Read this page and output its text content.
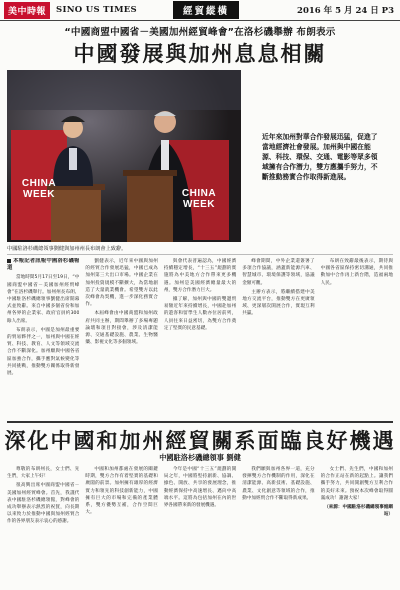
美中時報	SINO US TIMES	經貿縱橫	2016 年 5 月 24 日 P3
“中國商盟中國省－美國加州經貿峰會”在洛杉磯舉辦 布朗表示
中國發展與加州息息相關
CHINA WEEK	CHINA WEEK
中國駐洛杉磯總領事劉健與加州州長布朗會上致辭。
近年來加州對華合作發展迅猛，促進了當地經濟社會發展。加州與中國在能源、科技、環保、交通、電影等眾多領域擁有合作潛力，雙方應攜手努力，不斷推動務實合作取得新進展。
本報記者訊報中國洛杉磯報道

當地時間5月17日至19日，“中國商盟中國省－美國加州經貿峰會”在洛杉磯舉行。加州州長布朗、中國駐洛杉磯總領事劉健出席開幕式並致辭。來自中國多個省份和加州各界的企業家、政府官員約300餘人出席。

布朗表示，中國是加州最重要的貿易夥伴之一，加州與中國在經貿、科技、教育、人文等領域交流合作不斷深化。加州願與中國各省區加強合作，攜手應對氣候變化等共同挑戰，推動雙方關係取得新發展。

劉健表示，近年來中國與加州的經貿合作發展迅猛，中國已成為加州第三大出口市場。中國企業在加州投資規模不斷擴大，為當地創造了大量就業機會。希望雙方以此次峰會為契機，進一步深化務實合作。

本屆峰會由中國商盟和加州政府共同主辦，期間舉辦了多場專題論壇和項目對接會，涉及清潔能源、交通基礎設施、農業、生物醫藥、影視文化等多個領域。

與會代表普遍認為，中國經濟持續穩定增長，“十三五”規劃的實施將為中美地方合作帶來更多機遇。加州是美國經濟總量最大的州，雙方合作潛力巨大。

據了解，加州與中國的雙邊貿易額近年來持續增長，中國赴加州的遊客和留學生人數亦位居前列，人員往來日益密切，為雙方合作奠定了堅實的民意基礎。

峰會期間，中外企業還簽署了多項合作協議，涵蓋新能源汽車、智慧城市、環境保護等領域，協議金額可觀。

主辦方表示，將繼續搭建中美地方交流平台，推動雙方在更廣領域、更深層次開展合作，實現互利共贏。

布朗在致辭最後表示，期待與中國各省區保持密切溝通，共同推動加中合作再上新台階，造福兩地人民。

深化中國和加州經貿關系面臨良好機遇
中國駐洛杉磯總領事 劉健

尊敬的布朗州長，女士們、先生們，大家上午好！

很高興出席中國商盟中國省－美國加州經貿峰會。首先，我謹代表中國駐洛杉磯總領館，對峰會的成功舉辦表示熱烈的祝賀，向長期以來致力於推動中國與加州經貿合作的各界朋友表示衷心的感謝。

中國和加州都處在發展的關鍵時期，雙方合作有着堅實的基礎和廣闊的前景。加州擁有雄厚的經濟實力和領先的科技創新能力，中國擁有巨大的市場和完備的產業體系，雙方優勢互補，合作空間巨大。

今年是中國“十三五”規劃的開局之年，中國將堅持創新、協調、綠色、開放、共享的發展理念，推動經濟保持中高速增長、邁向中高端水平。這將為包括加州在內的世界各國帶來新的發展機遇。

我們願與加州各界一道，充分發揮雙方合作機制的作用，深化在清潔能源、高新技術、基礎設施、農業、文化創意等領域的合作，推動中加經貿合作不斷取得新成果。

女士們、先生們，中國和加州的合作正站在新的起點上。讓我們攜手努力，共同開創雙方互利合作的美好未來。預祝本次峰會取得圓滿成功！謝謝大家！

（來源：中國駐洛杉磯總領事館網站）
